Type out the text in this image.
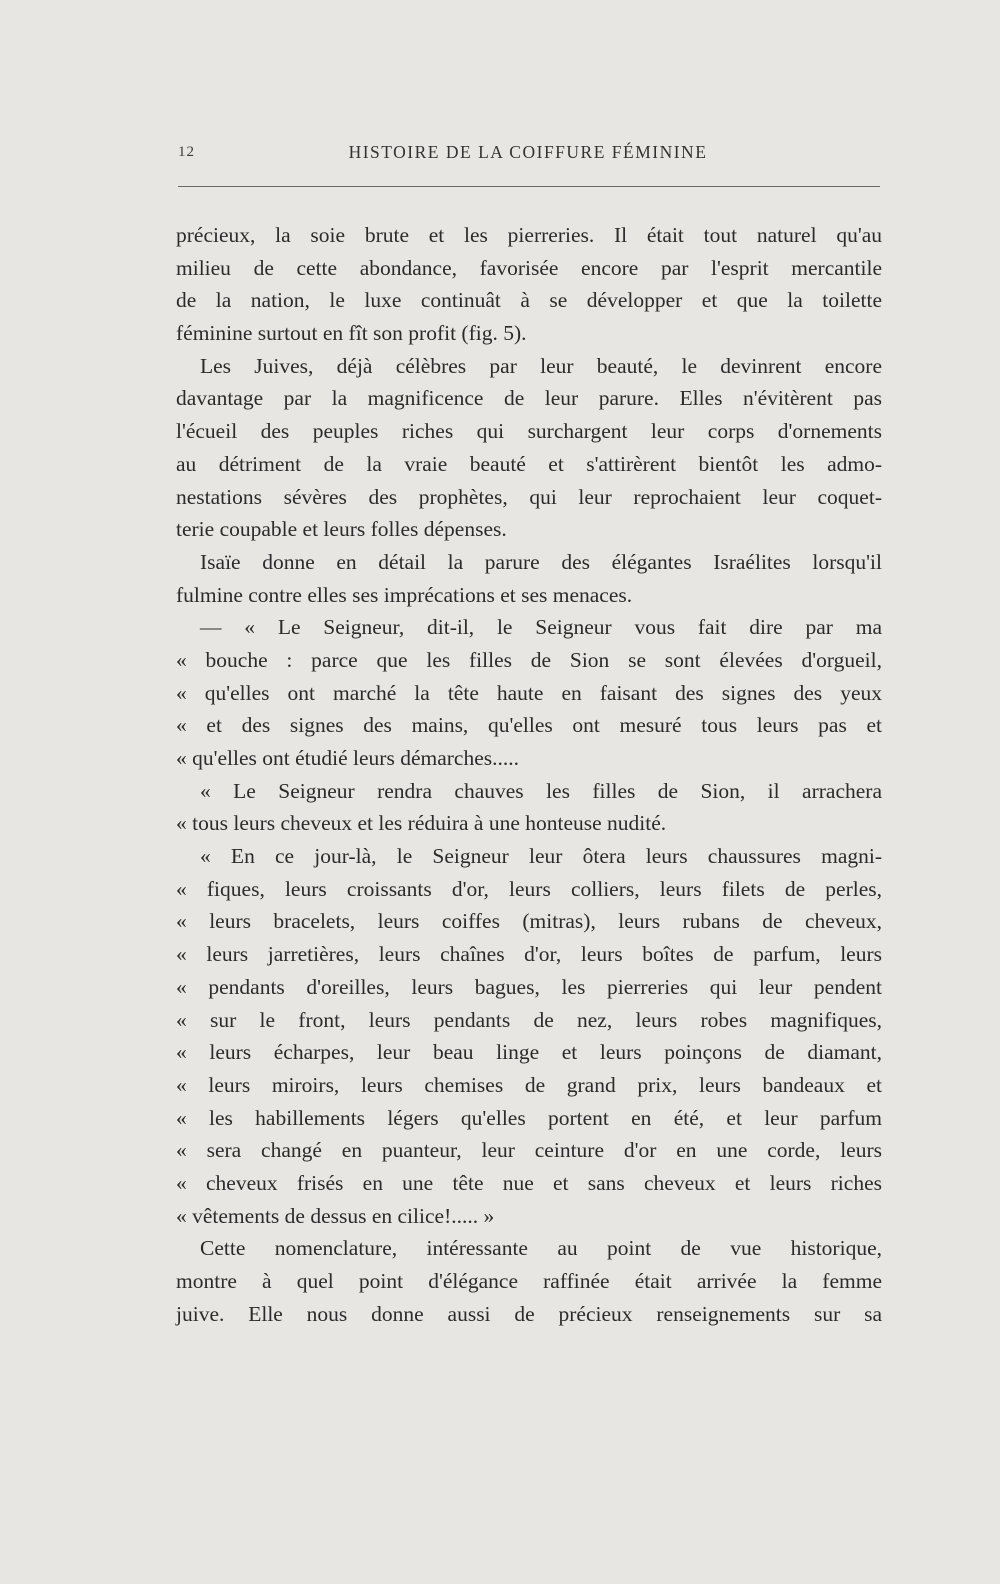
12	HISTOIRE DE LA COIFFURE FÉMININE
précieux, la soie brute et les pierreries. Il était tout naturel qu'au
milieu de cette abondance, favorisée encore par l'esprit mercantile
de la nation, le luxe continuât à se développer et que la toilette
féminine surtout en fît son profit (fig. 5).
Les Juives, déjà célèbres par leur beauté, le devinrent encore
davantage par la magnificence de leur parure. Elles n'évitèrent pas
l'écueil des peuples riches qui surchargent leur corps d'ornements
au détriment de la vraie beauté et s'attirèrent bientôt les admo-
nestations sévères des prophètes, qui leur reprochaient leur coquet-
terie coupable et leurs folles dépenses.
Isaïe donne en détail la parure des élégantes Israélites lorsqu'il
fulmine contre elles ses imprécations et ses menaces.
— « Le Seigneur, dit-il, le Seigneur vous fait dire par ma
« bouche : parce que les filles de Sion se sont élevées d'orgueil,
« qu'elles ont marché la tête haute en faisant des signes des yeux
« et des signes des mains, qu'elles ont mesuré tous leurs pas et
« qu'elles ont étudié leurs démarches.....
« Le Seigneur rendra chauves les filles de Sion, il arrachera
« tous leurs cheveux et les réduira à une honteuse nudité.
« En ce jour-là, le Seigneur leur ôtera leurs chaussures magni-
« fiques, leurs croissants d'or, leurs colliers, leurs filets de perles,
« leurs bracelets, leurs coiffes (mitras), leurs rubans de cheveux,
« leurs jarretières, leurs chaînes d'or, leurs boîtes de parfum, leurs
« pendants d'oreilles, leurs bagues, les pierreries qui leur pendent
« sur le front, leurs pendants de nez, leurs robes magnifiques,
« leurs écharpes, leur beau linge et leurs poinçons de diamant,
« leurs miroirs, leurs chemises de grand prix, leurs bandeaux et
« les habillements légers qu'elles portent en été, et leur parfum
« sera changé en puanteur, leur ceinture d'or en une corde, leurs
« cheveux frisés en une tête nue et sans cheveux et leurs riches
« vêtements de dessus en cilice!..... »
Cette nomenclature, intéressante au point de vue historique,
montre à quel point d'élégance raffinée était arrivée la femme
juive. Elle nous donne aussi de précieux renseignements sur sa
